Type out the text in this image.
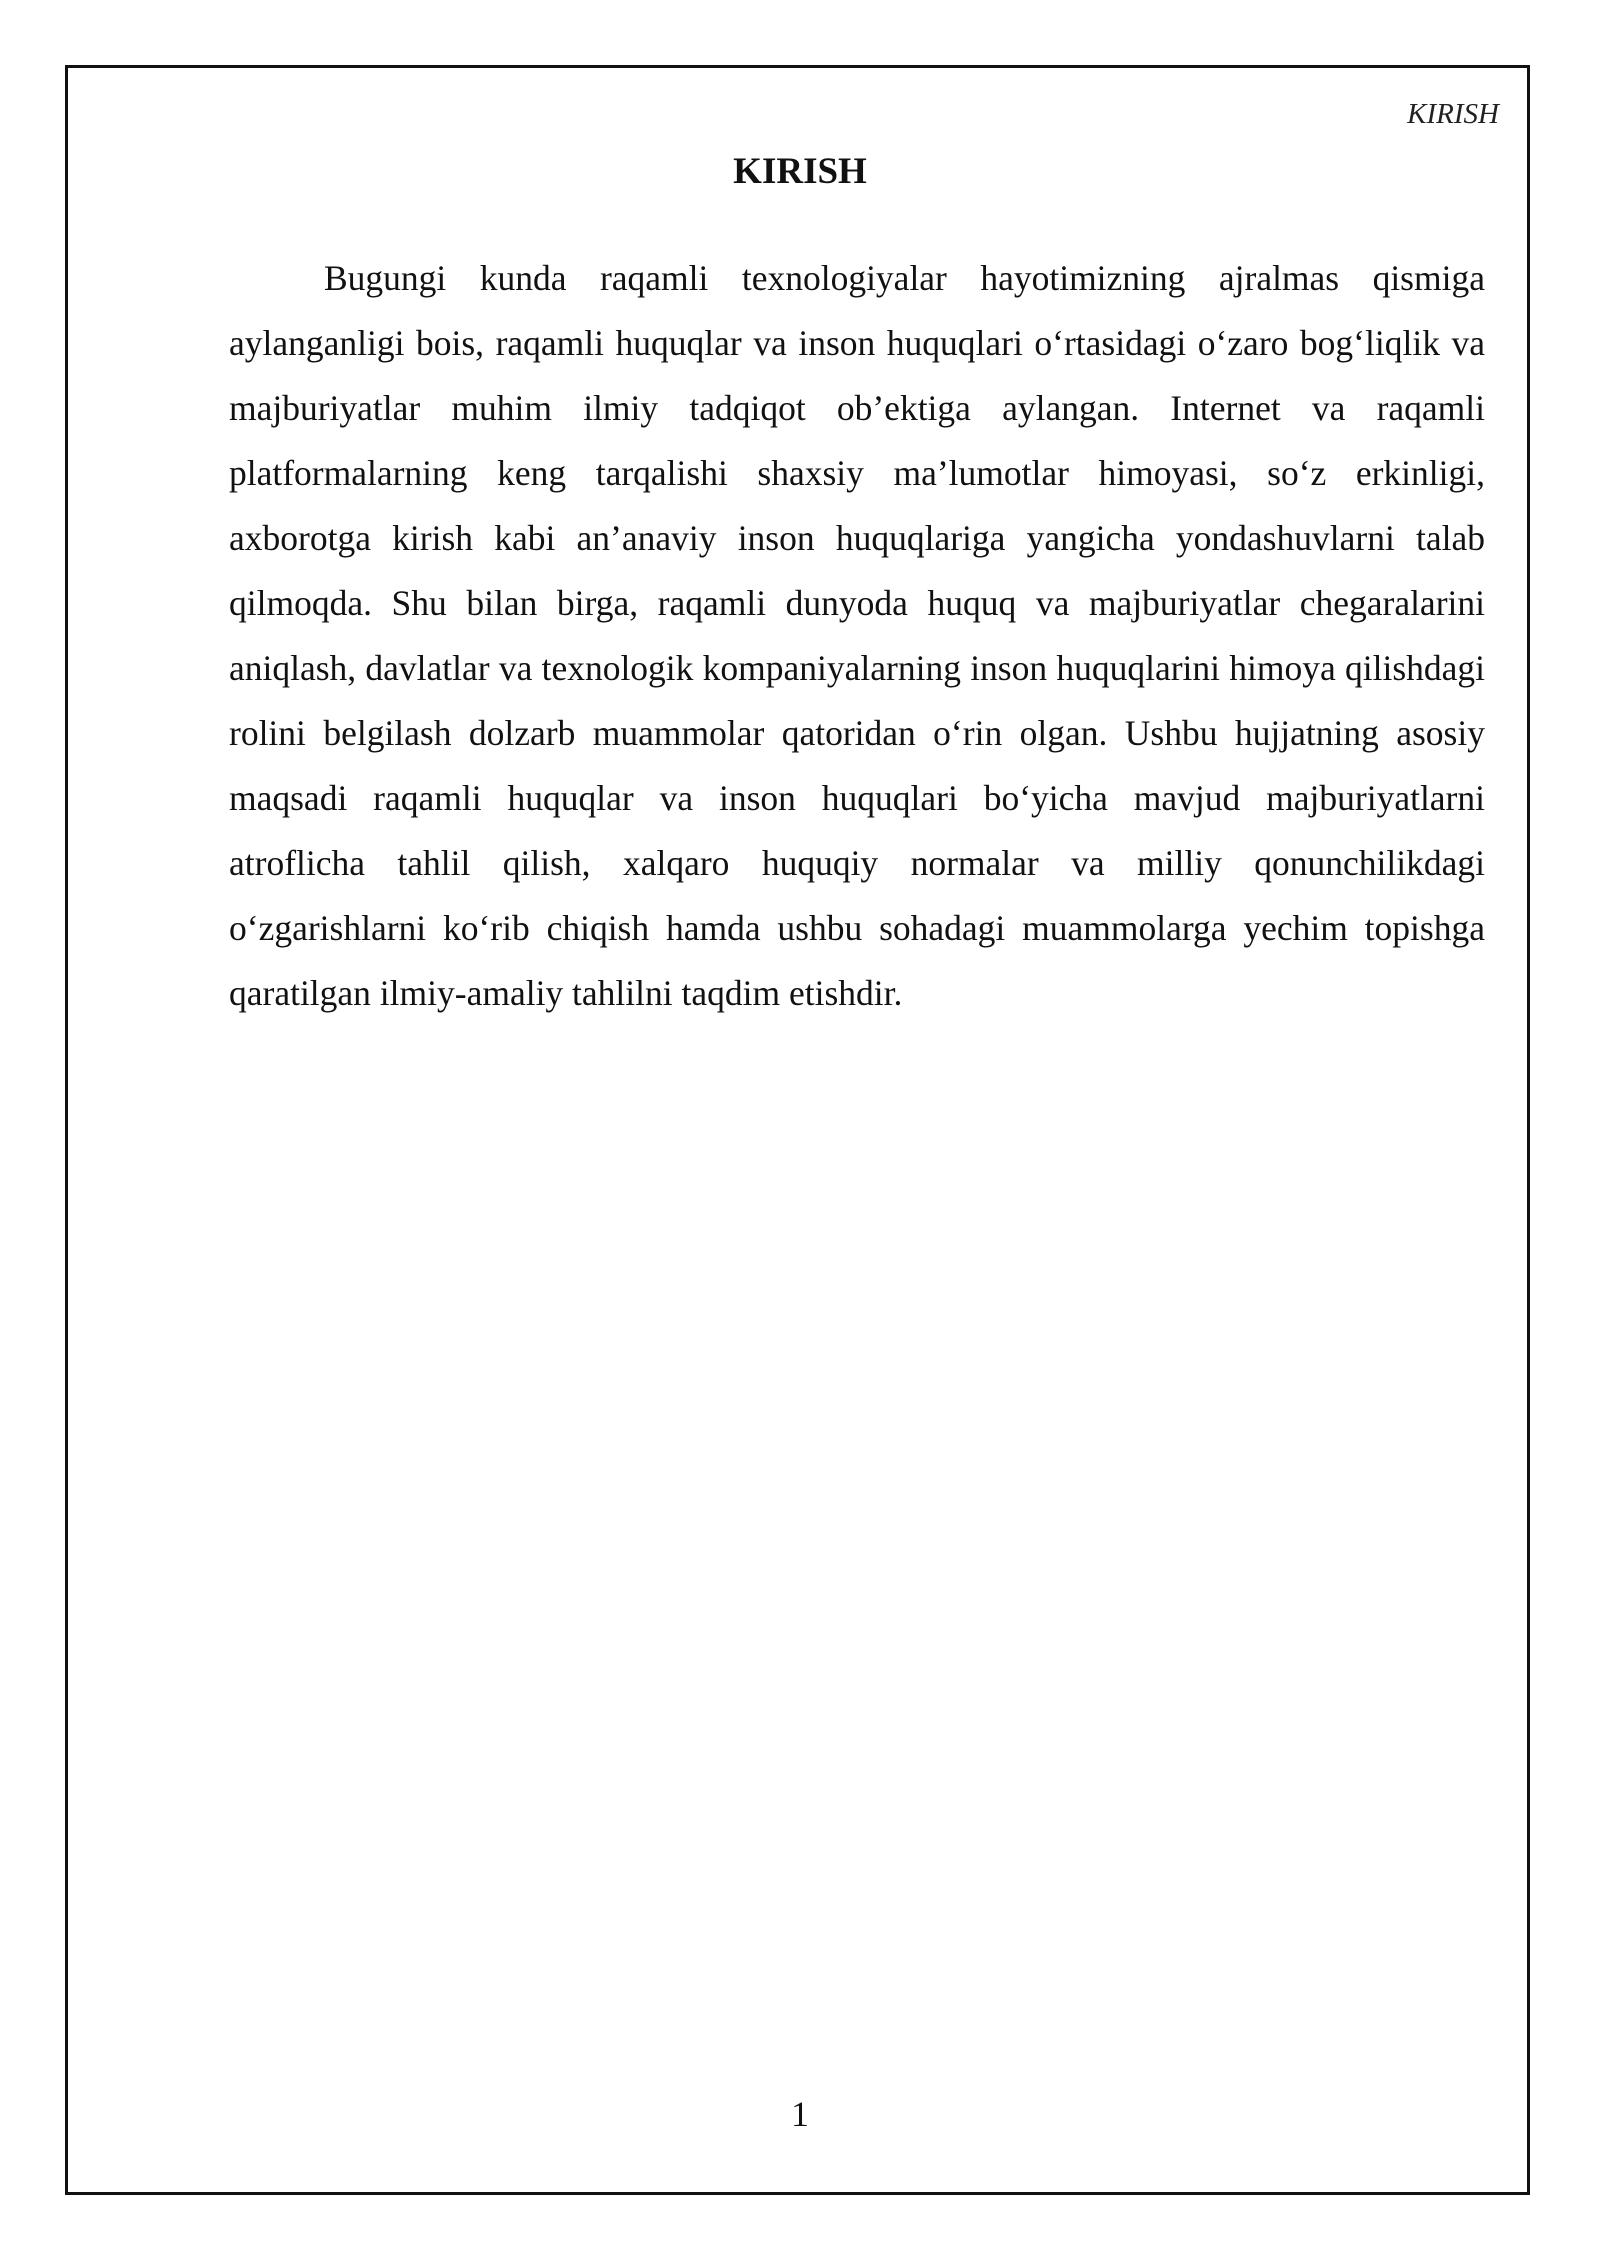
KIRISH
KIRISH

Bugungi kunda raqamli texnologiyalar hayotimizning ajralmas qismiga aylanganligi bois, raqamli huquqlar va inson huquqlari o‘rtasidagi o‘zaro bog‘liqlik va majburiyatlar muhim ilmiy tadqiqot ob’ektiga aylangan. Internet va raqamli platformalarning keng tarqalishi shaxsiy ma’lumotlar himoyasi, so‘z erkinligi, axborotga kirish kabi an’anaviy inson huquqlariga yangicha yondashuvlarni talab qilmoqda. Shu bilan birga, raqamli dunyoda huquq va majburiyatlar chegaralarini aniqlash, davlatlar va texnologik kompaniyalarning inson huquqlarini himoya qilishdagi rolini belgilash dolzarb muammolar qatoridan o‘rin olgan. Ushbu hujjatning asosiy maqsadi raqamli huquqlar va inson huquqlari bo‘yicha mavjud majburiyatlarni atroflicha tahlil qilish, xalqaro huquqiy normalar va milliy qonunchilikdagi o‘zgarishlarni ko‘rib chiqish hamda ushbu sohadagi muammolarga yechim topishga qaratilgan ilmiy-amaliy tahlilni taqdim etishdir.

1
